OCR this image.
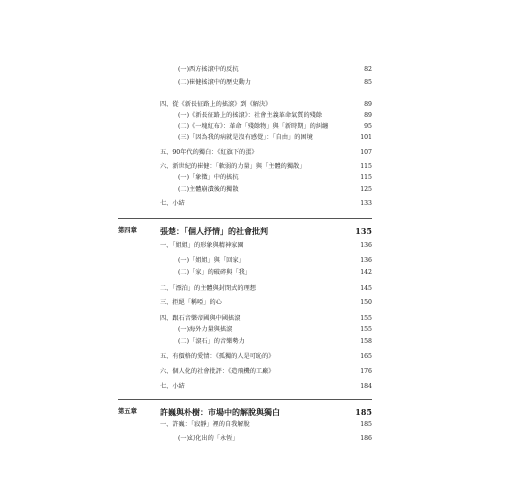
(一)西方搖滾中的反抗	82
(二)崔健搖滾中的歷史動力	85
四、從《新長征路上的搖滾》到《解決》	89
(一)《新長征路上的搖滾》：社會主義革命氣質的殘餘	89
(二)《一塊紅布》：革命「殘餘物」與「新時期」的糾纏	95
(三)「因為我的病就是沒有感覺」：「自由」的困境	101
五、90年代的獨白：《紅旗下的蛋》	107
六、新世紀的崔健：「軟弱的力量」與「主體的獨散」	115
(一)「象徵」中的搖抗	115
(二)主體崩潰後的獨散	125
七、小結	133
第四章	張楚：「個人抒情」的社會批判	135
一、「姐姐」的形象與精神家園	136
(一)「姐姐」與「回家」	136
(二)「家」的破碎與「我」	142
二、「漂泊」的主體與封閉式的理想	145
三、拒絕「稱啞」的心	150
四、跟石音樂帝國與中國搖滾	155
(一)海外力量與搖滾	155
(二)「滾石」的音樂勢力	158
五、有價格的愛情：《孤獨的人是可恥的》	165
六、個人化的社會批評：《造飛機的工廠》	176
七、小結	184
第五章	許巍與朴樹：市場中的解脫與獨白	185
一、許巍：「寂靜」裡的自我解脫	185
(一)幻化出的「永恆」	186
